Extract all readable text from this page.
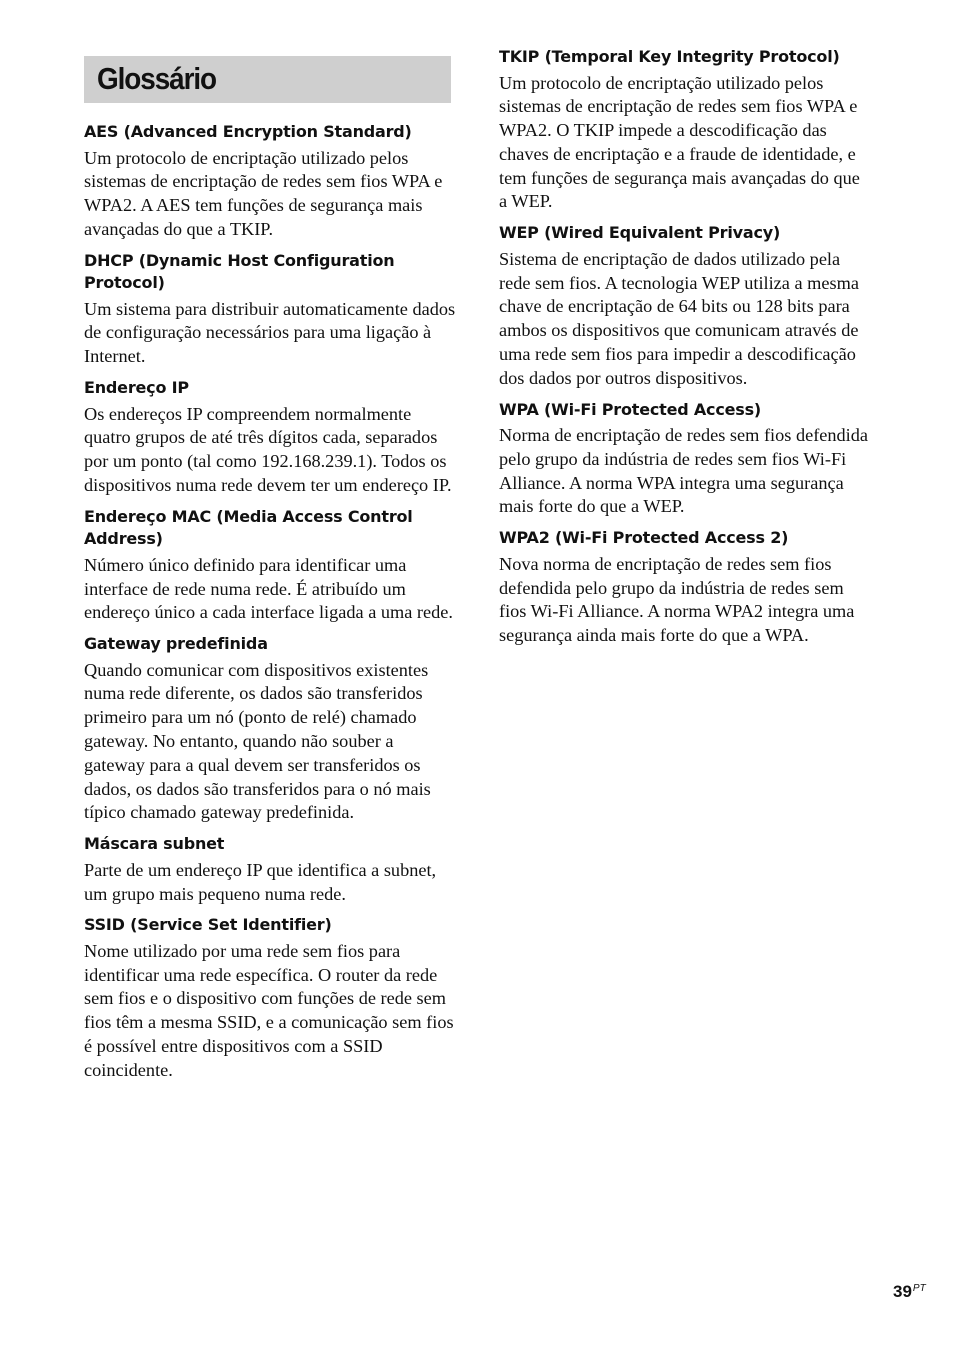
Glossário

AES (Advanced Encryption Standard)

Um protocolo de encriptação utilizado pelos sistemas de encriptação de redes sem fios WPA e WPA2. A AES tem funções de segurança mais avançadas do que a TKIP.

DHCP (Dynamic Host Configuration Protocol)

Um sistema para distribuir automaticamente dados de configuração necessários para uma ligação à Internet.

Endereço IP

Os endereços IP compreendem normalmente quatro grupos de até três dígitos cada, separados por um ponto (tal como 192.168.239.1). Todos os dispositivos numa rede devem ter um endereço IP.

Endereço MAC (Media Access Control Address)

Número único definido para identificar uma interface de rede numa rede. É atribuído um endereço único a cada interface ligada a uma rede.

Gateway predefinida

Quando comunicar com dispositivos existentes numa rede diferente, os dados são transferidos primeiro para um nó (ponto de relé) chamado gateway. No entanto, quando não souber a gateway para a qual devem ser transferidos os dados, os dados são transferidos para o nó mais típico chamado gateway predefinida.

Máscara subnet

Parte de um endereço IP que identifica a subnet, um grupo mais pequeno numa rede.

SSID (Service Set Identifier)

Nome utilizado por uma rede sem fios para identificar uma rede específica. O router da rede sem fios e o dispositivo com funções de rede sem fios têm a mesma SSID, e a comunicação sem fios é possível entre dispositivos com a SSID coincidente.

TKIP (Temporal Key Integrity Protocol)

Um protocolo de encriptação utilizado pelos sistemas de encriptação de redes sem fios WPA e WPA2. O TKIP impede a descodificação das chaves de encriptação e a fraude de identidade, e tem funções de segurança mais avançadas do que a WEP.

WEP (Wired Equivalent Privacy)

Sistema de encriptação de dados utilizado pela rede sem fios. A tecnologia WEP utiliza a mesma chave de encriptação de 64 bits ou 128 bits para ambos os dispositivos que comunicam através de uma rede sem fios para impedir a descodificação dos dados por outros dispositivos.

WPA (Wi-Fi Protected Access)

Norma de encriptação de redes sem fios defendida pelo grupo da indústria de redes sem fios Wi-Fi Alliance. A norma WPA integra uma segurança mais forte do que a WEP.

WPA2 (Wi-Fi Protected Access 2)

Nova norma de encriptação de redes sem fios defendida pelo grupo da indústria de redes sem fios Wi-Fi Alliance. A norma WPA2 integra uma segurança ainda mais forte do que a WPA.

$39^{PT}$
